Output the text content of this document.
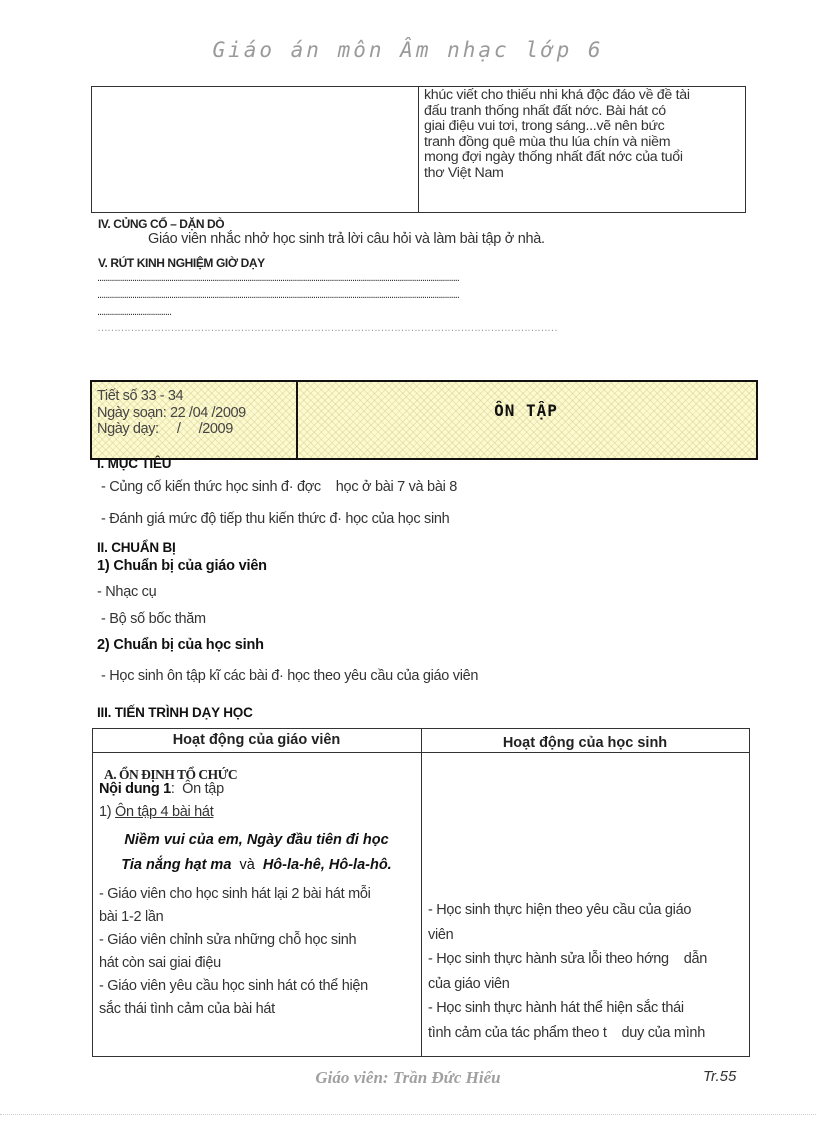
Giáo án môn Âm nhạc lớp 6
khúc viết cho thiếu nhi khá độc đáo về đề tài
đấu tranh thống nhất đất nớc. Bài hát có
giai điệu vui tơi, trong sáng...vẽ nên bức
tranh đồng quê mùa thu lúa chín và niềm
mong đợi ngày thống nhất đất nớc của tuổi
thơ Việt Nam
IV. CỦNG CỐ – DẶN DÒ
Giáo viên nhắc nhở học sinh trả lời câu hỏi và làm bài tập ở nhà.
V. RÚT KINH NGHIỆM GIỜ DẠY
................................................................................................................................................................................
................................................................................................................................................................................
....................................
…………………………………………………………………………………………………………………………
Tiết số 33 - 34
Ngày soạn: 22 /04 /2009
Ngày dạy:     /     /2009
ÔN TẬP
I. MỤC TIÊU
- Củng cố kiến thức học sinh đ· đợc    học ở bài 7 và bài 8
- Đánh giá mức độ tiếp thu kiến thức đ· học của học sinh
II. CHUẨN BỊ
1) Chuẩn bị của giáo viên
- Nhạc cụ
- Bộ số bốc thăm
2) Chuẩn bị của học sinh
- Học sinh ôn tập kĩ các bài đ· học theo yêu cầu của giáo viên
III. TIẾN TRÌNH DẠY HỌC
Hoạt động của giáo viên	Hoạt động của học sinh
A. ỔN ĐỊNH TỔ CHỨC
Nội dung 1:  Ôn tập
1) Ôn tập 4 bài hát
Niềm vui của em, Ngày đầu tiên đi học
Tia nắng hạt ma  và  Hô-la-hê, Hô-la-hô.
- Giáo viên cho học sinh hát lại 2 bài hát mỗi
bài 1-2 lần
- Giáo viên chỉnh sửa những chỗ học sinh
hát còn sai giai điệu
- Giáo viên yêu cầu học sinh hát có thể hiện
sắc thái tình cảm của bài hát
- Học sinh thực hiện theo yêu cầu của giáo
viên
- Học sinh thực hành sửa lỗi theo hớng    dẫn
của giáo viên
- Học sinh thực hành hát thể hiện sắc thái
tình cảm của tác phẩm theo t    duy của mình
Giáo viên: Trần Đức Hiếu	Tr.55
